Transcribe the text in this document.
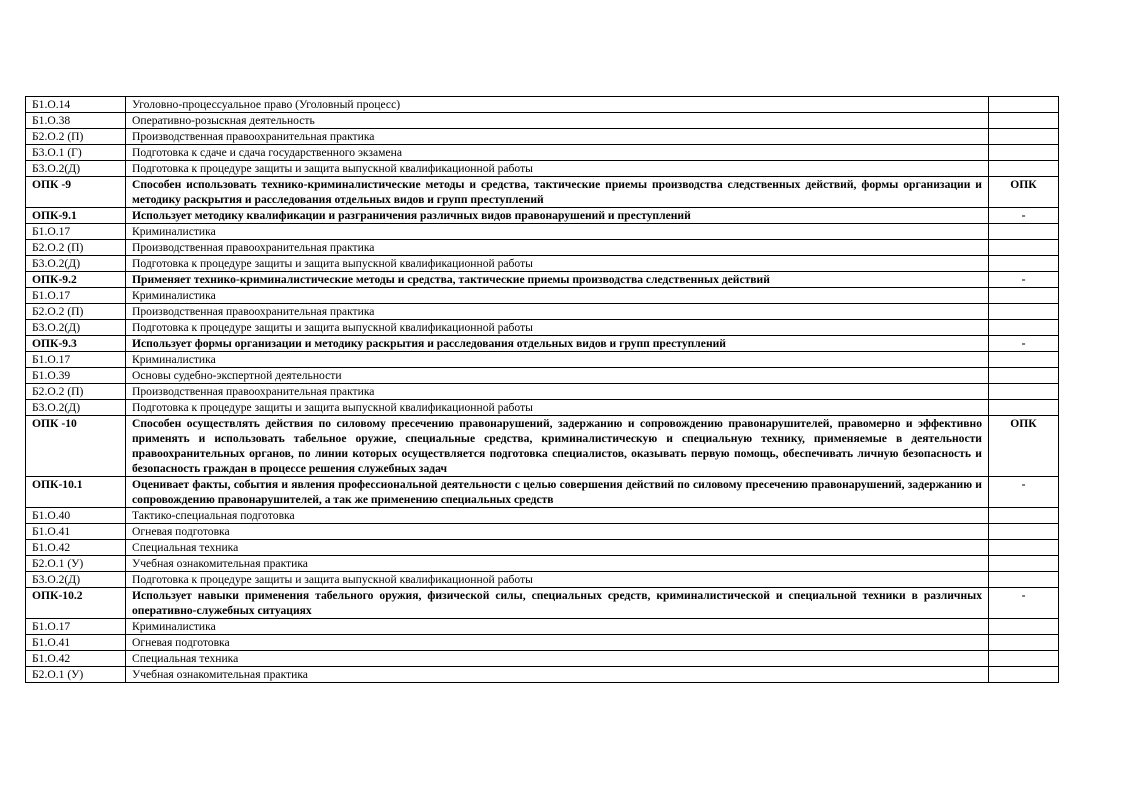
Б1.О.14	Уголовно-процессуальное право (Уголовный процесс)	
Б1.О.38	Оперативно-розыскная деятельность	
Б2.О.2 (П)	Производственная правоохранительная практика	
Б3.О.1 (Г)	Подготовка к сдаче и сдача государственного экзамена	
Б3.О.2(Д)	Подготовка к процедуре защиты и защита выпускной квалификационной работы	
ОПК -9	Способен использовать технико-криминалистические методы и средства, тактические приемы производства следственных действий, формы организации и методику раскрытия и расследования отдельных видов и групп преступлений	ОПК
ОПК-9.1	Использует методику квалификации и разграничения различных видов правонарушений и преступлений	-
Б1.О.17	Криминалистика	
Б2.О.2 (П)	Производственная правоохранительная практика	
Б3.О.2(Д)	Подготовка к процедуре защиты и защита выпускной квалификационной работы	
ОПК-9.2	Применяет технико-криминалистические методы и средства, тактические приемы производства следственных действий	-
Б1.О.17	Криминалистика	
Б2.О.2 (П)	Производственная правоохранительная практика	
Б3.О.2(Д)	Подготовка к процедуре защиты и защита выпускной квалификационной работы	
ОПК-9.3	Использует формы организации и методику раскрытия и расследования отдельных видов и групп преступлений	-
Б1.О.17	Криминалистика	
Б1.О.39	Основы судебно-экспертной деятельности	
Б2.О.2 (П)	Производственная правоохранительная практика	
Б3.О.2(Д)	Подготовка к процедуре защиты и защита выпускной квалификационной работы	
ОПК -10	Способен осуществлять действия по силовому пресечению правонарушений, задержанию и сопровождению правонарушителей, правомерно и эффективно применять и использовать табельное оружие, специальные средства, криминалистическую и специальную технику, применяемые в деятельности правоохранительных органов, по линии которых осуществляется подготовка специалистов, оказывать первую помощь, обеспечивать личную безопасность и безопасность граждан в процессе решения служебных задач	ОПК
ОПК-10.1	Оценивает факты, события и явления профессиональной деятельности с целью совершения действий по силовому пресечению правонарушений, задержанию и сопровождению правонарушителей, а так же применению специальных средств	-
Б1.О.40	Тактико-специальная подготовка	
Б1.О.41	Огневая подготовка	
Б1.О.42	Специальная техника	
Б2.О.1 (У)	Учебная ознакомительная практика	
Б3.О.2(Д)	Подготовка к процедуре защиты и защита выпускной квалификационной работы	
ОПК-10.2	Использует навыки применения табельного оружия, физической силы, специальных средств, криминалистической и специальной техники в различных оперативно-служебных ситуациях	-
Б1.О.17	Криминалистика	
Б1.О.41	Огневая подготовка	
Б1.О.42	Специальная техника	
Б2.О.1 (У)	Учебная ознакомительная практика	
